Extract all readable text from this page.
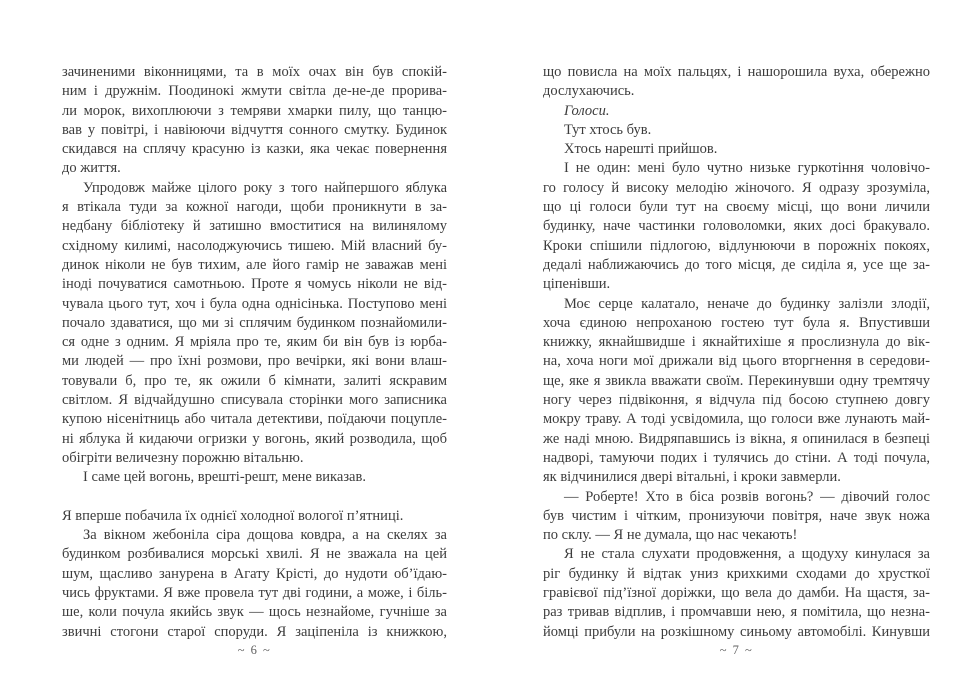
зачиненими віконницями, та в моїх очах він був спокій-
ним і дружнім. Поодинокі жмути світла де-не-де прорива-
ли морок, вихоплюючи з темряви хмарки пилу, що танцю-
вав у повітрі, і навіюючи відчуття сонного смутку. Будинок
скидався на сплячу красуню із казки, яка чекає повернення
до життя.
Упродовж майже цілого року з того найпершого яблука
я втікала туди за кожної нагоди, щоби проникнути в за-
недбану бібліотеку й затишно вмоститися на вилинялому
східному килимі, насолоджуючись тишею. Мій власний бу-
динок ніколи не був тихим, але його гамір не заважав мені
іноді почуватися самотньою. Проте я чомусь ніколи не від-
чувала цього тут, хоч і була одна однісінька. Поступово мені
почало здаватися, що ми зі сплячим будинком познайомили-
ся одне з одним. Я мріяла про те, яким би він був із юрба-
ми людей — про їхні розмови, про вечірки, які вони влаш-
товували б, про те, як ожили б кімнати, залиті яскравим
світлом. Я відчайдушно списувала сторінки мого записника
купою нісенітниць або читала детективи, поїдаючи поцупле-
ні яблука й кидаючи огризки у вогонь, який розводила, щоб
обігріти величезну порожню вітальню.
І саме цей вогонь, врешті-решт, мене виказав.

Я вперше побачила їх однієї холодної вологої п’ятниці.
За вікном жебоніла сіра дощова ковдра, а на скелях за
будинком розбивалися морські хвилі. Я не зважала на цей
шум, щасливо занурена в Агату Крісті, до нудоти об’їдаю-
чись фруктами. Я вже провела тут дві години, а може, і біль-
ше, коли почула якийсь звук — щось незнайоме, гучніше за
звичні стогони старої споруди. Я заціпеніла із книжкою,
що повисла на моїх пальцях, і нашорошила вуха, обережно
дослухаючись.
Голоси.
Тут хтось був.
Хтось нарешті прийшов.
І не один: мені було чутно низьке гуркотіння чоловічо-
го голосу й високу мелодію жіночого. Я одразу зрозуміла,
що ці голоси були тут на своєму місці, що вони личили
будинку, наче частинки головоломки, яких досі бракувало.
Кроки спішили підлогою, відлунюючи в порожніх покоях,
дедалі наближаючись до того місця, де сиділа я, усе ще за-
ціпенівши.
Моє серце калатало, неначе до будинку залізли злодії,
хоча єдиною непроханою гостею тут була я. Впустивши
книжку, якнайшвидше і якнайтихіше я прослизнула до вік-
на, хоча ноги мої дрижали від цього вторгнення в середови-
ще, яке я звикла вважати своїм. Перекинувши одну тремтячу
ногу через підвіконня, я відчула під босою ступнею довгу
мокру траву. А тоді усвідомила, що голоси вже лунають май-
же наді мною. Видряпавшись із вікна, я опинилася в безпеці
надворі, тамуючи подих і тулячись до стіни. А тоді почула,
як відчинилися двері вітальні, і кроки завмерли.
— Роберте! Хто в біса розвів вогонь? — дівочий голос
був чистим і чітким, пронизуючи повітря, наче звук ножа
по склу. — Я не думала, що нас чекають!
Я не стала слухати продовження, а щодуху кинулася за
ріг будинку й відтак униз крихкими сходами до хрусткої
гравієвої під’їзної доріжки, що вела до дамби. На щастя, за-
раз тривав відплив, і промчавши нею, я помітила, що незна-
йомці прибули на розкішному синьому автомобілі. Кинувши
~ 6 ~	~ 7 ~
